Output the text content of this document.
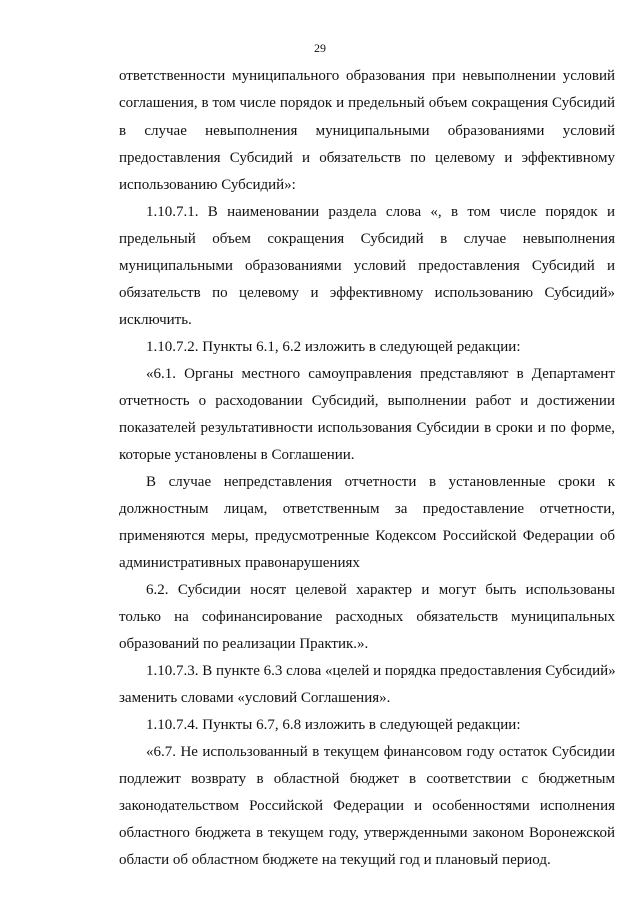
29
ответственности муниципального образования при невыполнении условий
соглашения, в том числе порядок и предельный объем сокращения Субсидий
в случае невыполнения муниципальными образованиями условий
предоставления Субсидий и обязательств по целевому и эффективному
использованию Субсидий»:
1.10.7.1. В наименовании раздела слова «, в том числе порядок и
предельный объем сокращения Субсидий в случае невыполнения
муниципальными образованиями условий предоставления Субсидий и
обязательств по целевому и эффективному использованию Субсидий»
исключить.
1.10.7.2. Пункты 6.1, 6.2 изложить в следующей редакции:
«6.1. Органы местного самоуправления представляют в Департамент
отчетность о расходовании Субсидий, выполнении работ и достижении
показателей результативности использования Субсидии в сроки и по форме,
которые установлены в Соглашении.
В случае непредставления отчетности в установленные сроки к
должностным лицам, ответственным за предоставление отчетности,
применяются меры, предусмотренные Кодексом Российской Федерации об
административных правонарушениях
6.2. Субсидии носят целевой характер и могут быть использованы
только на софинансирование расходных обязательств муниципальных
образований по реализации Практик.».
1.10.7.3. В пункте 6.3 слова «целей и порядка предоставления Субсидий»
заменить словами «условий Соглашения».
1.10.7.4. Пункты 6.7, 6.8 изложить в следующей редакции:
«6.7. Не использованный в текущем финансовом году остаток Субсидии
подлежит возврату в областной бюджет в соответствии с бюджетным
законодательством Российской Федерации и особенностями исполнения
областного бюджета в текущем году, утвержденными законом Воронежской
области об областном бюджете на текущий год и плановый период.
